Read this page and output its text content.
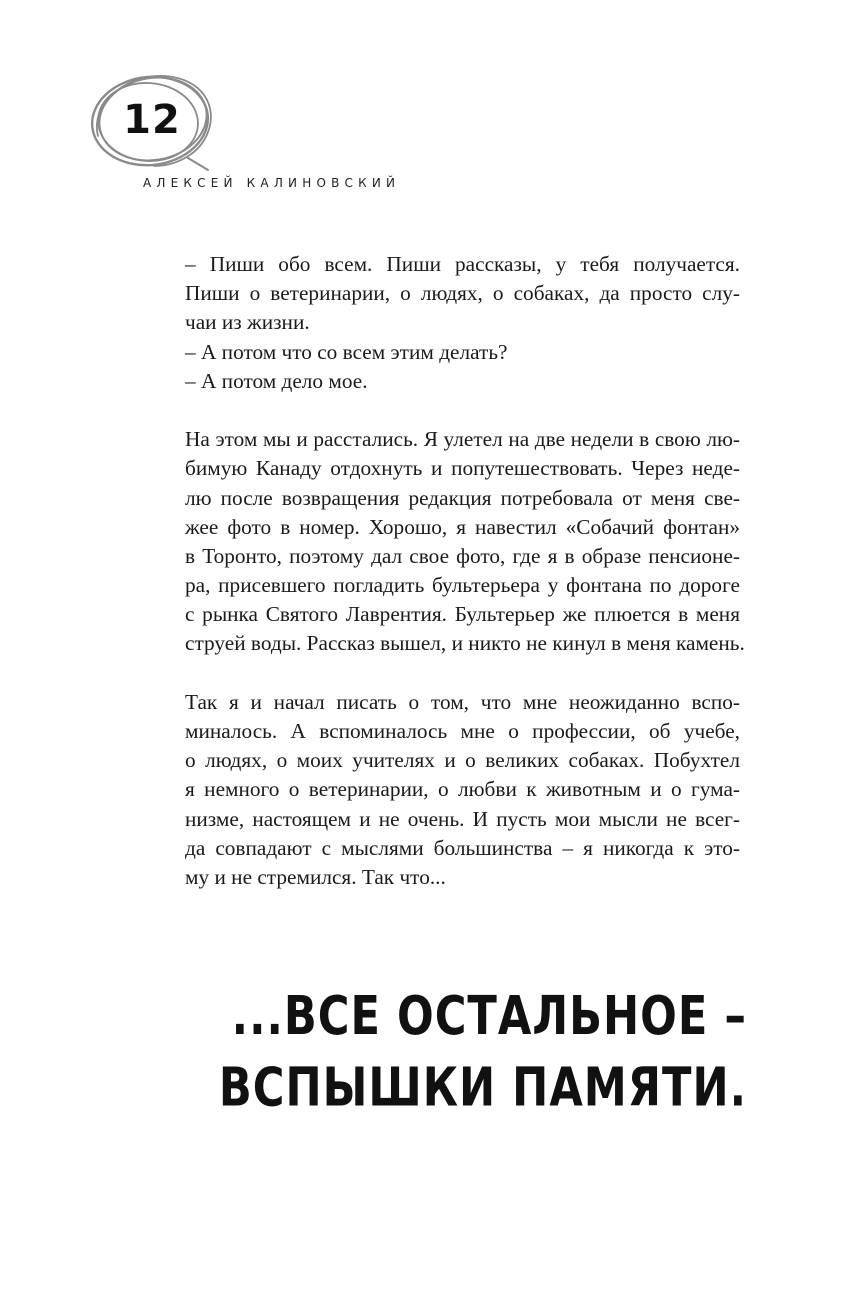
12
АЛЕКСЕЙ КАЛИНОВСКИЙ
– Пиши обо всем. Пиши рассказы, у тебя получается.
Пиши о ветеринарии, о людях, о собаках, да просто слу-
чаи из жизни.
– А потом что со всем этим делать?
– А потом дело мое.
На этом мы и расстались. Я улетел на две недели в свою лю-
бимую Канаду отдохнуть и попутешествовать. Через неде-
лю после возвращения редакция потребовала от меня све-
жее фото в номер. Хорошо, я навестил «Собачий фонтан»
в Торонто, поэтому дал свое фото, где я в образе пенсионе-
ра, присевшего погладить бультерьера у фонтана по дороге
с рынка Святого Лаврентия. Бультерьер же плюется в меня
струей воды. Рассказ вышел, и никто не кинул в меня камень.
Так я и начал писать о том, что мне неожиданно вспо-
миналось. А вспоминалось мне о профессии, об учебе,
о людях, о моих учителях и о великих собаках. Побухтел
я немного о ветеринарии, о любви к животным и о гума-
низме, настоящем и не очень. И пусть мои мысли не всег-
да совпадают с мыслями большинства – я никогда к это-
му и не стремился. Так что...
...ВСЕ ОСТАЛЬНОЕ –
ВСПЫШКИ ПАМЯТИ.
